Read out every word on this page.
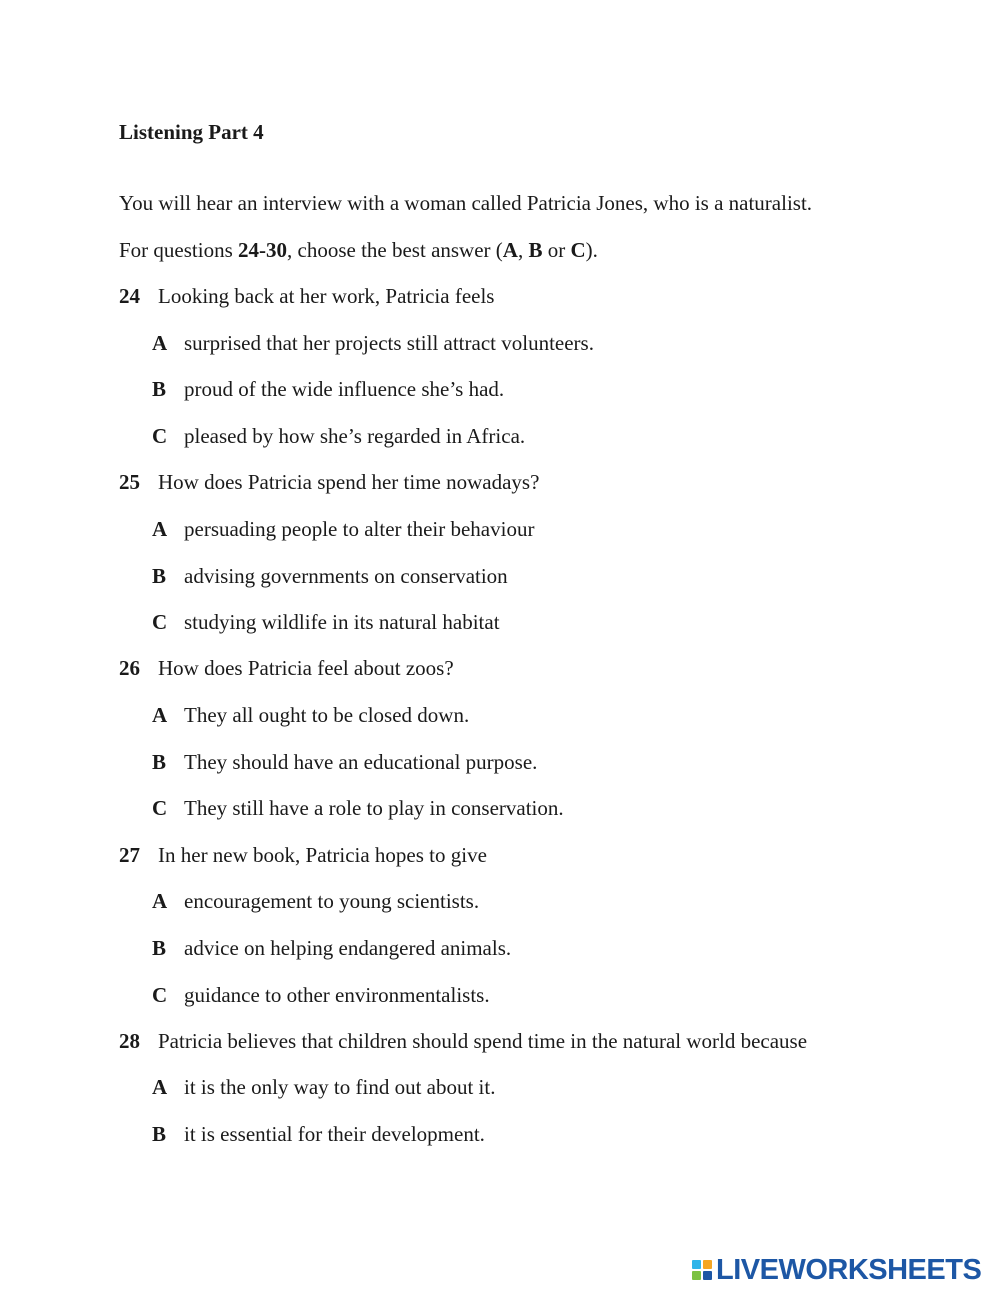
Listening Part 4
You will hear an interview with a woman called Patricia Jones, who is a naturalist.
For questions 24-30, choose the best answer (A, B or C).
24 Looking back at her work, Patricia feels
A surprised that her projects still attract volunteers.
B proud of the wide influence she’s had.
C pleased by how she’s regarded in Africa.
25 How does Patricia spend her time nowadays?
A persuading people to alter their behaviour
B advising governments on conservation
C studying wildlife in its natural habitat
26 How does Patricia feel about zoos?
A They all ought to be closed down.
B They should have an educational purpose.
C They still have a role to play in conservation.
27 In her new book, Patricia hopes to give
A encouragement to young scientists.
B advice on helping endangered animals.
C guidance to other environmentalists.
28 Patricia believes that children should spend time in the natural world because
A it is the only way to find out about it.
B it is essential for their development.
LIVEWORKSHEETS
